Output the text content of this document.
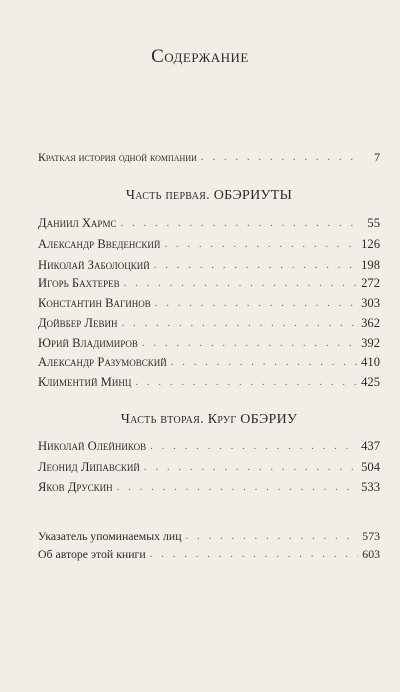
Содержание
Краткая история одной компании . . .	7
Часть первая. ОБЭРИУТЫ
Даниил Хармс . . .	55
Александр Введенский . . .	126
Николай Заболоцкий . . .	198
Игорь Бахтерев . . .	272
Константин Вагинов . . .	303
Дойвбер Левин . . .	362
Юрий Владимиров . . .	392
Александр Разумовский . . .	410
Климентий Минц . . .	425
Часть вторая. Круг ОБЭРИУ
Николай Олейников . . .	437
Леонид Липавский . . .	504
Яков Друскин . . .	533
Указатель упоминаемых лиц . . .	573
Об авторе этой книги . . .	603
